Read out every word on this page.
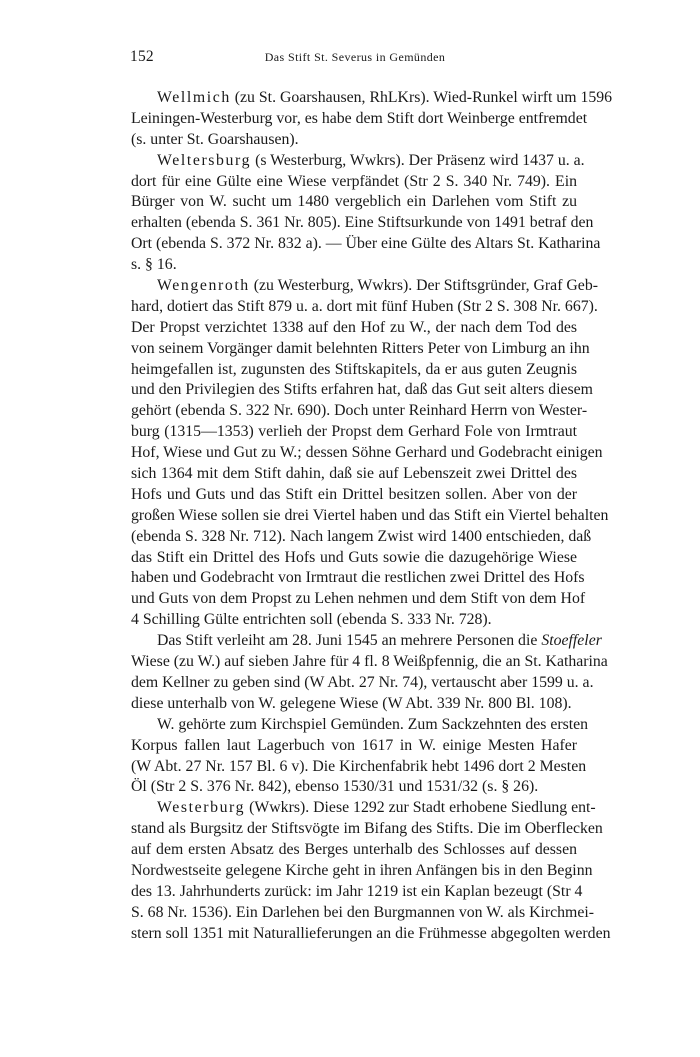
152	Das Stift St. Severus in Gemünden

Wellmich (zu St. Goarshausen, RhLKrs). Wied-Runkel wirft um 1596
Leiningen-Westerburg vor, es habe dem Stift dort Weinberge entfremdet
(s. unter St. Goarshausen).

Weltersburg (s Westerburg, Wwkrs). Der Präsenz wird 1437 u. a.
dort für eine Gülte eine Wiese verpfändet (Str 2 S. 340 Nr. 749). Ein
Bürger von W. sucht um 1480 vergeblich ein Darlehen vom Stift zu
erhalten (ebenda S. 361 Nr. 805). Eine Stiftsurkunde von 1491 betraf den
Ort (ebenda S. 372 Nr. 832 a). — Über eine Gülte des Altars St. Katharina
s. § 16.

Wengenroth (zu Westerburg, Wwkrs). Der Stiftsgründer, Graf Geb-
hard, dotiert das Stift 879 u. a. dort mit fünf Huben (Str 2 S. 308 Nr. 667).
Der Propst verzichtet 1338 auf den Hof zu W., der nach dem Tod des
von seinem Vorgänger damit belehnten Ritters Peter von Limburg an ihn
heimgefallen ist, zugunsten des Stiftskapitels, da er aus guten Zeugnis
und den Privilegien des Stifts erfahren hat, daß das Gut seit alters diesem
gehört (ebenda S. 322 Nr. 690). Doch unter Reinhard Herrn von Wester-
burg (1315—1353) verlieh der Propst dem Gerhard Fole von Irmtraut
Hof, Wiese und Gut zu W.; dessen Söhne Gerhard und Godebracht einigen
sich 1364 mit dem Stift dahin, daß sie auf Lebenszeit zwei Drittel des
Hofs und Guts und das Stift ein Drittel besitzen sollen. Aber von der
großen Wiese sollen sie drei Viertel haben und das Stift ein Viertel behalten
(ebenda S. 328 Nr. 712). Nach langem Zwist wird 1400 entschieden, daß
das Stift ein Drittel des Hofs und Guts sowie die dazugehörige Wiese
haben und Godebracht von Irmtraut die restlichen zwei Drittel des Hofs
und Guts von dem Propst zu Lehen nehmen und dem Stift von dem Hof
4 Schilling Gülte entrichten soll (ebenda S. 333 Nr. 728).

Das Stift verleiht am 28. Juni 1545 an mehrere Personen die Stoeffeler
Wiese (zu W.) auf sieben Jahre für 4 fl. 8 Weißpfennig, die an St. Katharina
dem Kellner zu geben sind (W Abt. 27 Nr. 74), vertauscht aber 1599 u. a.
diese unterhalb von W. gelegene Wiese (W Abt. 339 Nr. 800 Bl. 108).

W. gehörte zum Kirchspiel Gemünden. Zum Sackzehnten des ersten
Korpus fallen laut Lagerbuch von 1617 in W. einige Mesten Hafer
(W Abt. 27 Nr. 157 Bl. 6 v). Die Kirchenfabrik hebt 1496 dort 2 Mesten
Öl (Str 2 S. 376 Nr. 842), ebenso 1530/31 und 1531/32 (s. § 26).

Westerburg (Wwkrs). Diese 1292 zur Stadt erhobene Siedlung ent-
stand als Burgsitz der Stiftsvögte im Bifang des Stifts. Die im Oberflecken
auf dem ersten Absatz des Berges unterhalb des Schlosses auf dessen
Nordwestseite gelegene Kirche geht in ihren Anfängen bis in den Beginn
des 13. Jahrhunderts zurück: im Jahr 1219 ist ein Kaplan bezeugt (Str 4
S. 68 Nr. 1536). Ein Darlehen bei den Burgmannen von W. als Kirchmei-
stern soll 1351 mit Naturallieferungen an die Frühmesse abgegolten werden
